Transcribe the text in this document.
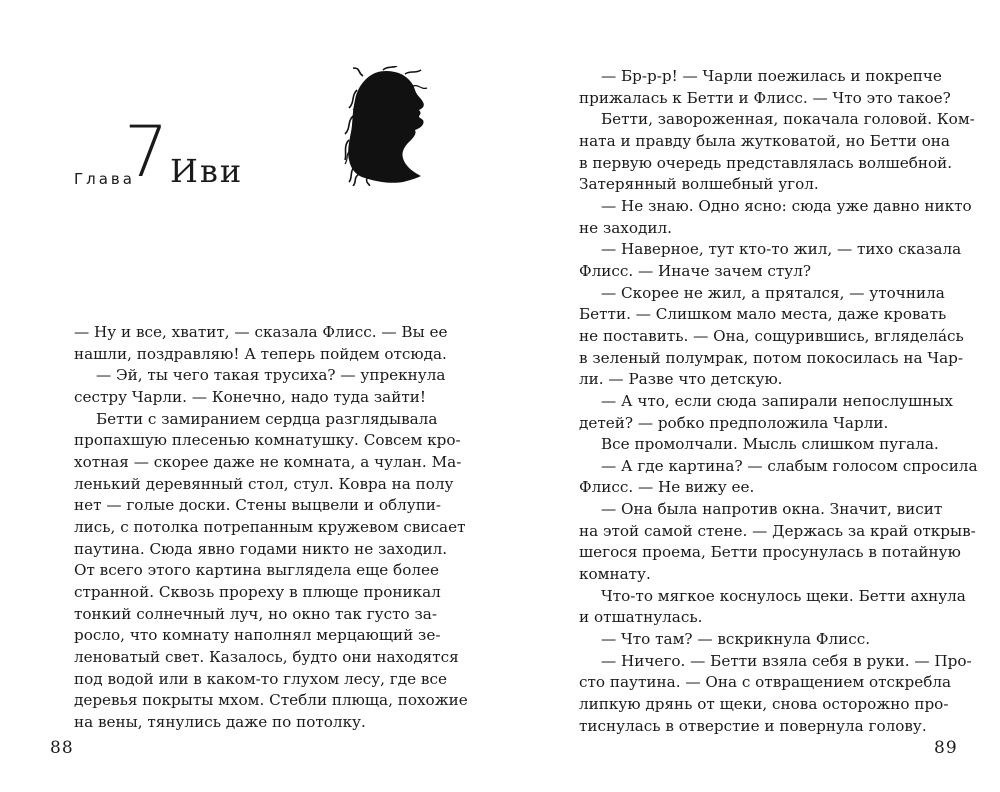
Глава
7 Иви

— Ну и все, хватит, — сказала Флисс. — Вы ее

нашли, поздравляю! А теперь пойдем отсюда.

— Эй, ты чего такая трусиха? — упрекнула

сестру Чарли. — Конечно, надо туда зайти!

Бетти с замиранием сердца разглядывала

пропахшую плесенью комнатушку. Совсем кро-

хотная — скорее даже не комната, а чулан. Ма-

ленький деревянный стол, стул. Ковра на полу

нет — голые доски. Стены выцвели и облупи-

лись, с потолка потрепанным кружевом свисает

паутина. Сюда явно годами никто не заходил.

От всего этого картина выглядела еще более

странной. Сквозь прореху в плюще проникал

тонкий солнечный луч, но окно так густо за-

росло, что комнату наполнял мерцающий зе-

леноватый свет. Казалось, будто они находятся

под водой или в каком-то глухом лесу, где все

деревья покрыты мхом. Стебли плюща, похожие

на вены, тянулись даже по потолку.

88

— Бр-р-р! — Чарли поежилась и покрепче

прижалась к Бетти и Флисс. — Что это такое?

Бетти, завороженная, покачала головой. Ком-

ната и правду была жутковатой, но Бетти она

в первую очередь представлялась волшебной.

Затерянный волшебный угол.

— Не знаю. Одно ясно: сюда уже давно никто

не заходил.

— Наверное, тут кто-то жил, — тихо сказала

Флисс. — Иначе зачем стул?

— Скорее не жил, а прятался, — уточнила

Бетти. — Слишком мало места, даже кровать

не поставить. — Она, сощурившись, вглядела́сь

в зеленый полумрак, потом покосилась на Чар-

ли. — Разве что детскую.

— А что, если сюда запирали непослушных

детей? — робко предположила Чарли.

Все промолчали. Мысль слишком пугала.

— А где картина? — слабым голосом спросила

Флисс. — Не вижу ее.

— Она была напротив окна. Значит, висит

на этой самой стене. — Держась за край открыв-

шегося проема, Бетти просунулась в потайную

комнату.

Что-то мягкое коснулось щеки. Бетти ахнула

и отшатнулась.

— Что там? — вскрикнула Флисс.

— Ничего. — Бетти взяла себя в руки. — Про-

сто паутина. — Она с отвращением отскребла

липкую дрянь от щеки, снова осторожно про-

тиснулась в отверстие и повернула голову.

89
